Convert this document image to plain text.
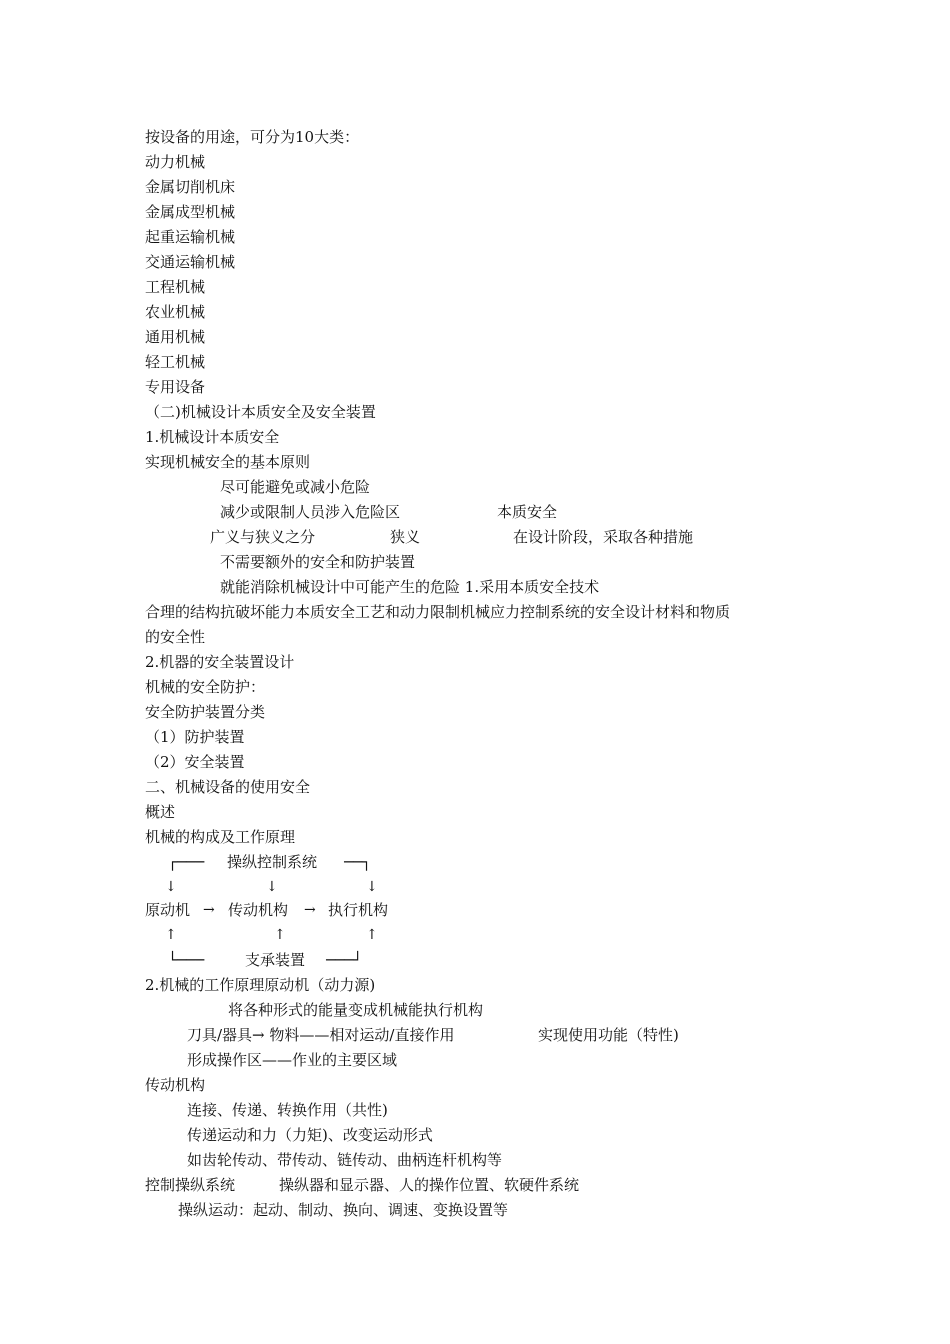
按设备的用途，可分为10大类：
动力机械
金属切削机床
金属成型机械
起重运输机械
交通运输机械
工程机械
农业机械
通用机械
轻工机械
专用设备
（二)机械设计本质安全及安全装置
1.机械设计本质安全
实现机械安全的基本原则
尽可能避免或减小危险
减少或限制人员涉入危险区	本质安全
广义与狭义之分	狭义	在设计阶段，采取各种措施
不需要额外的安全和防护装置
就能消除机械设计中可能产生的危险 1.采用本质安全技术
合理的结构抗破坏能力本质安全工艺和动力限制机械应力控制系统的安全设计材料和物质
的安全性
2.机器的安全装置设计
机械的安全防护：
安全防护装置分类
（1）防护装置
（2）安全装置
二、机械设备的使用安全
概述
机械的构成及工作原理
┌─── 操纵控制系统 ──┐
↓	↓	↓
原动机 → 传动机构 → 执行机构
↑	↑	↑
└───	支承装置 ───┘
2.机械的工作原理原动机（动力源)
将各种形式的能量变成机械能执行机构
刀具/器具→ 物料——相对运动/直接作用	实现使用功能（特性)
形成操作区——作业的主要区域
传动机构
连接、传递、转换作用（共性)
传递运动和力（力矩)、改变运动形式
如齿轮传动、带传动、链传动、曲柄连杆机构等
控制操纵系统	操纵器和显示器、人的操作位置、软硬件系统
操纵运动：起动、制动、换向、调速、变换设置等
